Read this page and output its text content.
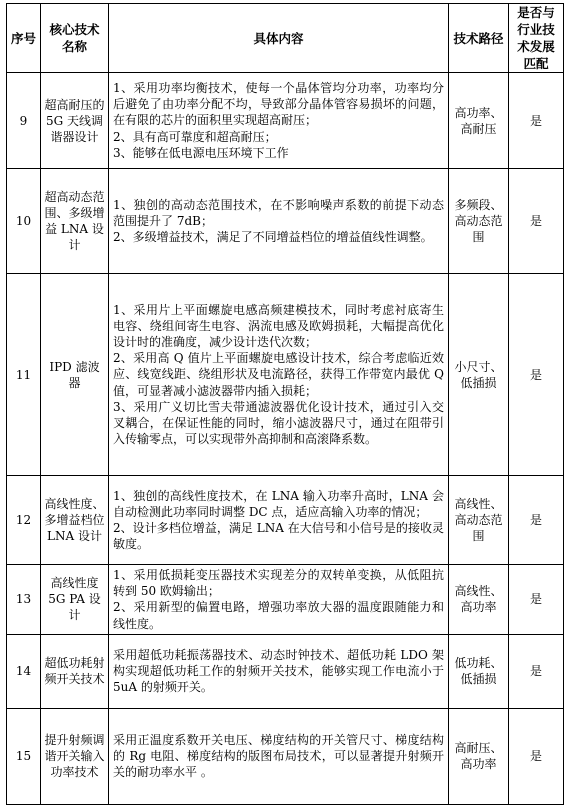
序号	核心技术名称	具体内容	技术路径	是否与行业技术发展匹配
9	超高耐压的 5G 天线调谐器设计	1、采用功率均衡技术，使每一个晶体管均分功率，功率均分后避免了由功率分配不均，导致部分晶体管容易损坏的问题，在有限的芯片的面积里实现超高耐压；
2、具有高可靠度和超高耐压；
3、能够在低电源电压环境下工作	高功率、高耐压	是
10	超高动态范围、多级增益 LNA 设计	1、独创的高动态范围技术，在不影响噪声系数的前提下动态范围提升了 7dB；
2、多级增益技术，满足了不同增益档位的增益值线性调整。	多频段、高动态范围	是
11	IPD 滤波器	1、采用片上平面螺旋电感高频建模技术，同时考虑衬底寄生电容、绕组间寄生电容、涡流电感及欧姆损耗，大幅提高优化设计时的准确度，减少设计迭代次数；
2、采用高 Q 值片上平面螺旋电感设计技术，综合考虑临近效应、线宽线距、绕组形状及电流路径，获得工作带宽内最优 Q 值，可显著减小滤波器带内插入损耗；
3、采用广义切比雪夫带通滤波器优化设计技术，通过引入交叉耦合，在保证性能的同时，缩小滤波器尺寸，通过在阻带引入传输零点，可以实现带外高抑制和高滚降系数。	小尺寸、低插损	是
12	高线性度、多增益档位 LNA 设计	1、独创的高线性度技术，在 LNA 输入功率升高时，LNA 会自动检测此功率同时调整 DC 点，适应高输入功率的情况；
2、设计多档位增益，满足 LNA 在大信号和小信号是的接收灵敏度。	高线性、高动态范围	是
13	高线性度 5G PA 设计	1、采用低损耗变压器技术实现差分的双转单变换，从低阻抗转到 50 欧姆输出；
2、采用新型的偏置电路，增强功率放大器的温度跟随能力和线性度。	高线性、高功率	是
14	超低功耗射频开关技术	采用超低功耗振荡器技术、动态时钟技术、超低功耗 LDO 架构实现超低功耗工作的射频开关技术，能够实现工作电流小于 5uA 的射频开关。	低功耗、低插损	是
15	提升射频调谐开关输入功率技术	采用正温度系数开关电压、梯度结构的开关管尺寸、梯度结构的 Rg 电阻、梯度结构的版图布局技术，可以显著提升射频开关的耐功率水平 。	高耐压、高功率	是
